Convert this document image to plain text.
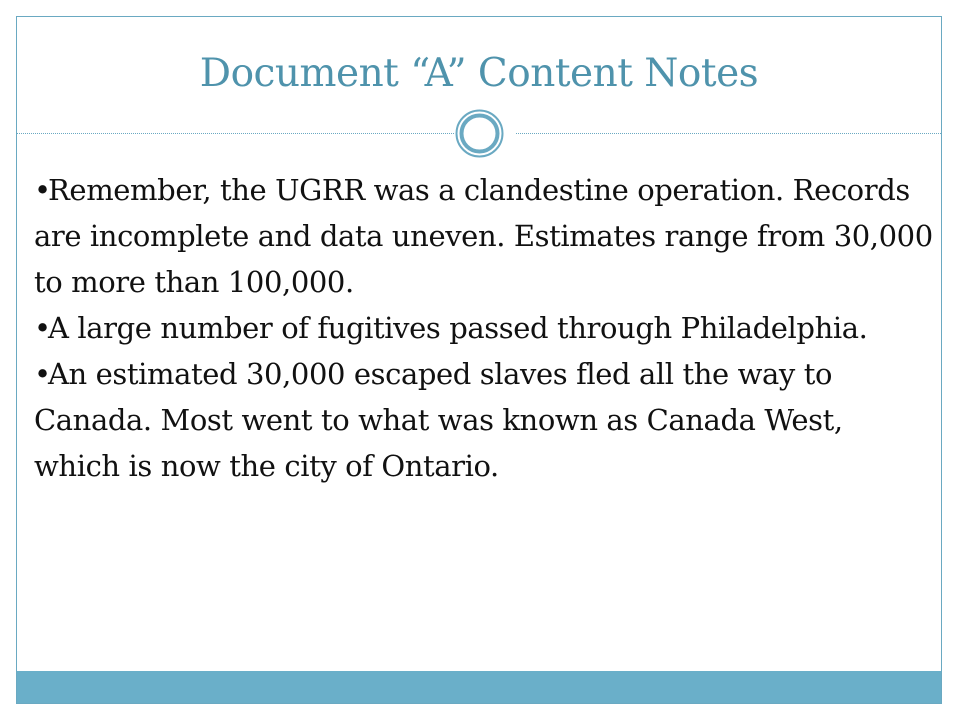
Document “A” Content Notes

•Remember, the UGRR was a clandestine operation. Records are incomplete and data uneven. Estimates range from 30,000 to more than 100,000.

•A large number of fugitives passed through Philadelphia.

•An estimated 30,000 escaped slaves fled all the way to Canada. Most went to what was known as Canada West, which is now the city of Ontario.
